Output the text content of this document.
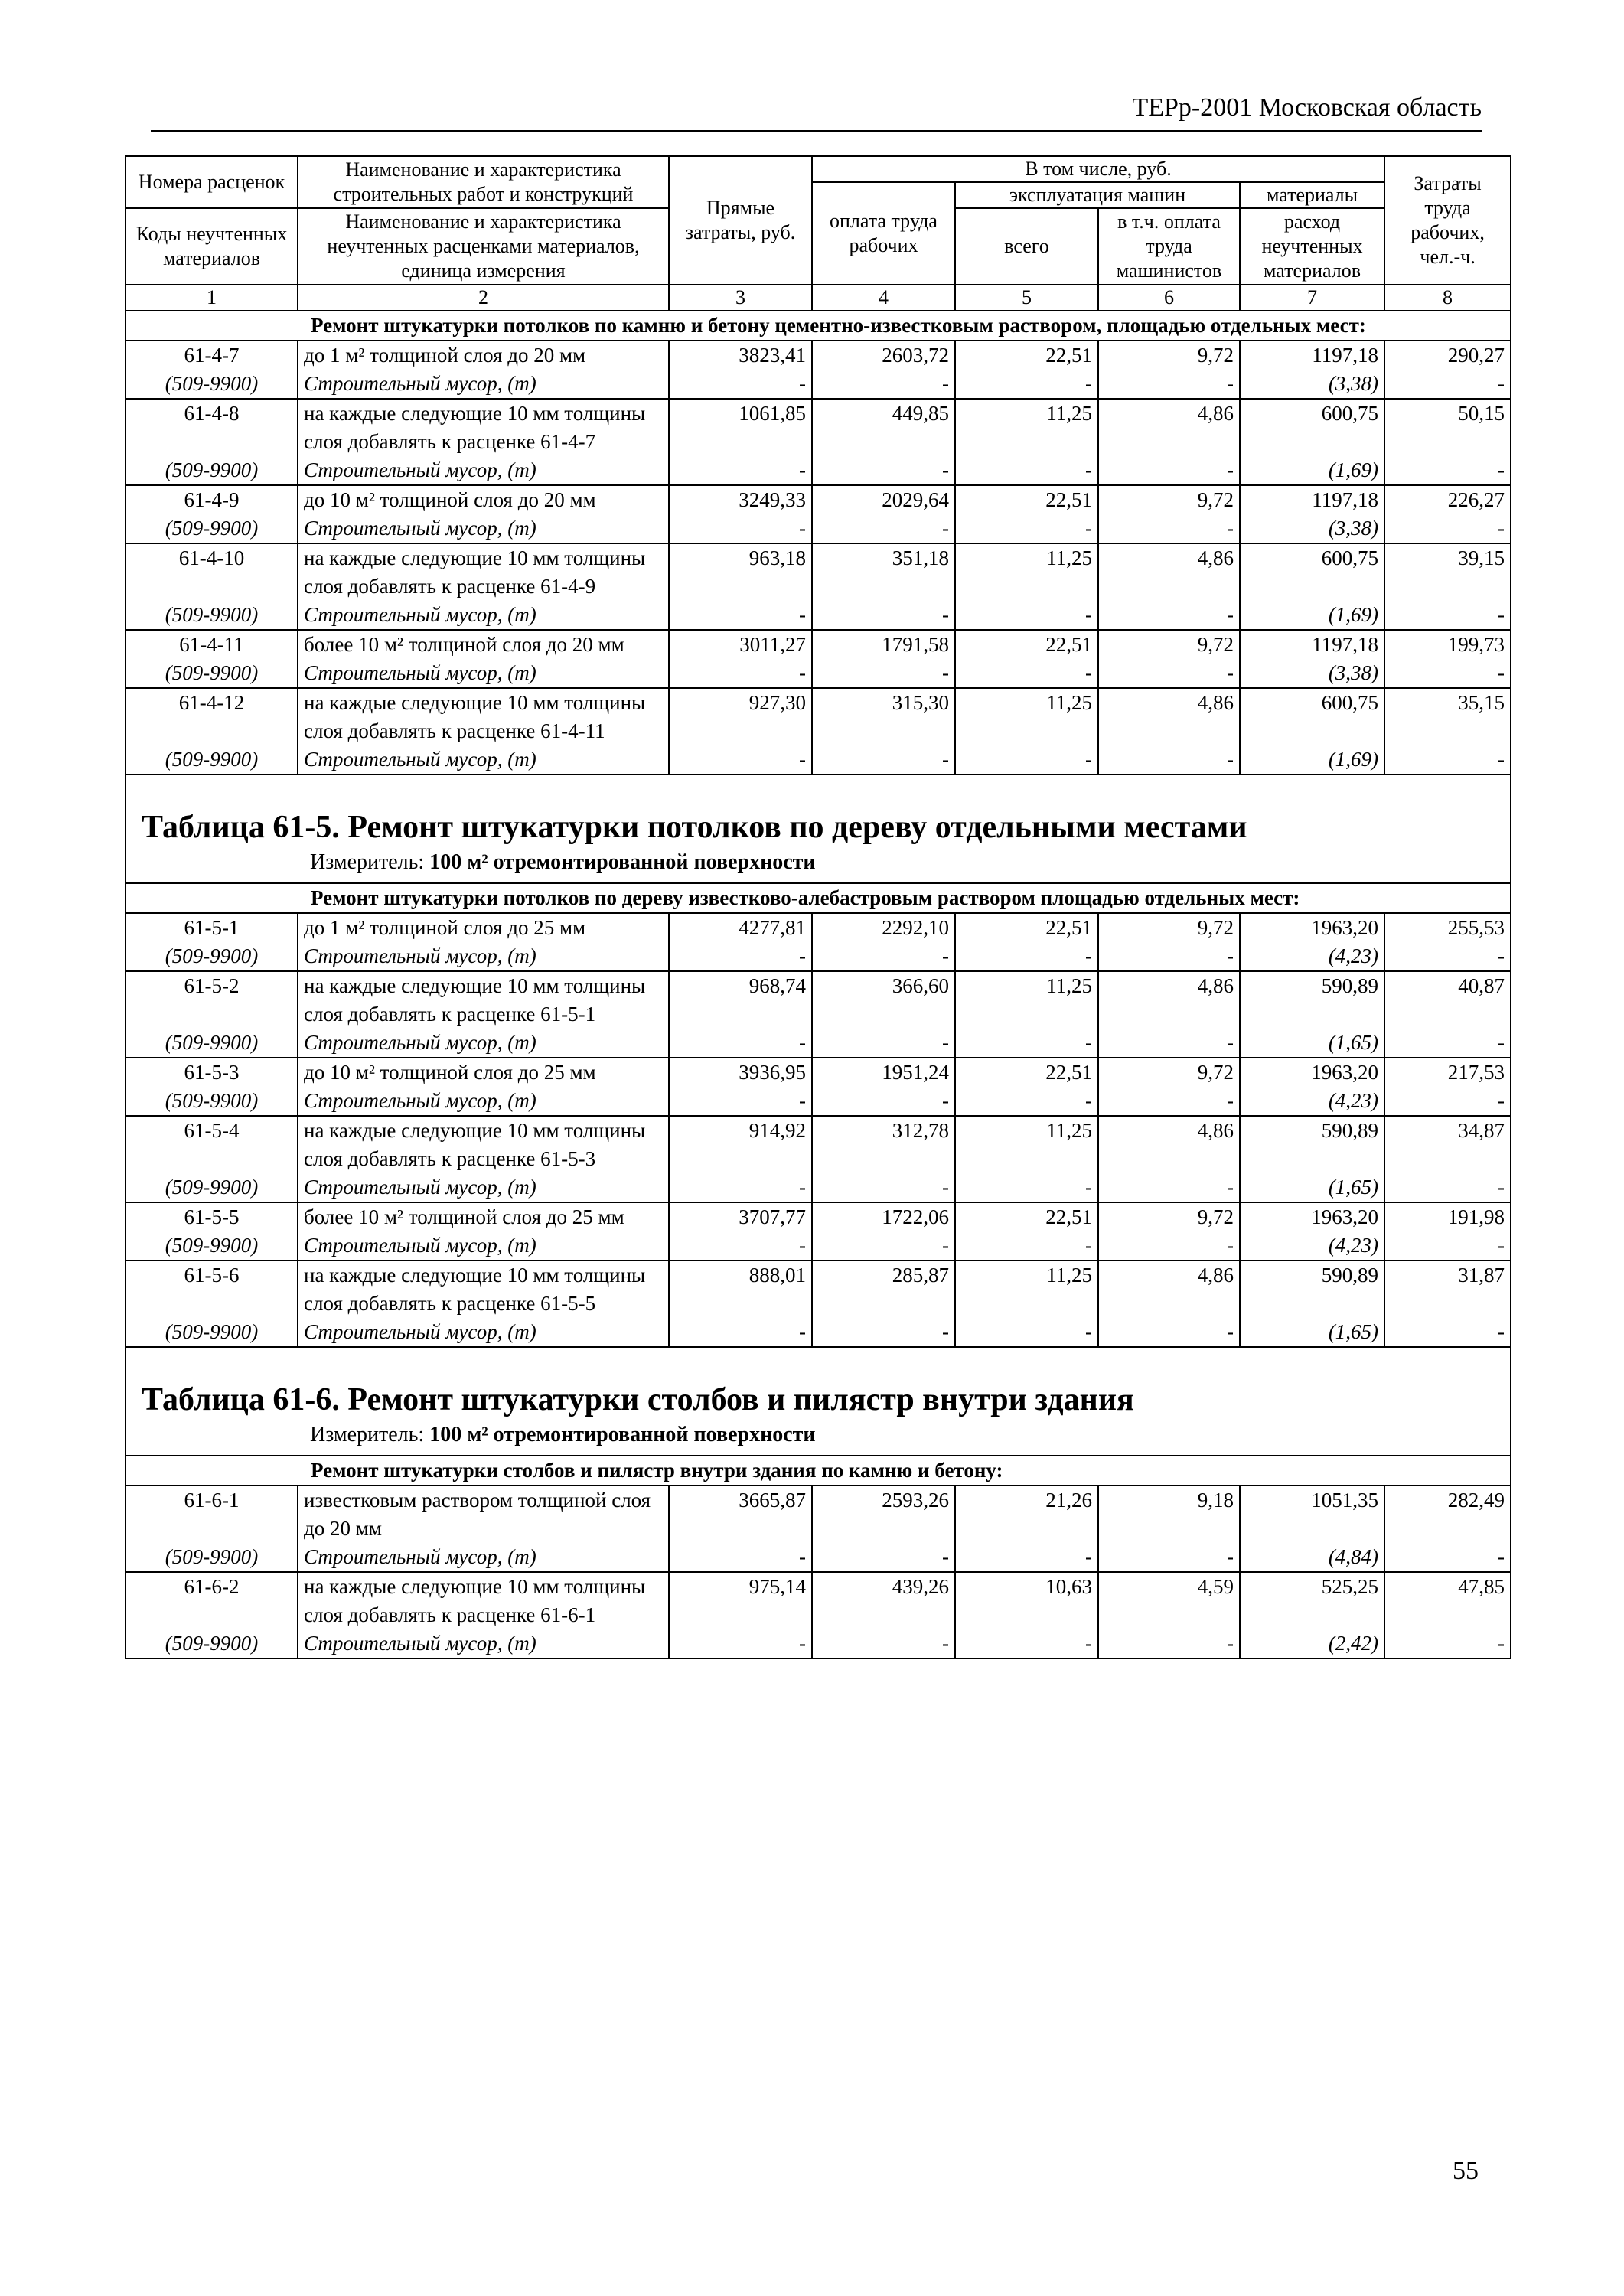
ТЕРр-2001 Московская область
Номера расценок	Наименование и характеристика строительных работ и конструкций	Прямые затраты, руб.	В том числе, руб.				Затраты труда рабочих, чел.-ч.
			оплата труда рабочих	эксплуатация машин		материалы	
Коды неучтенных материалов	Наименование и характеристика неучтенных расценками материалов, единица измерения			всего	в т.ч. оплата труда машинистов	расход неучтенных материалов	

1	2	3	4	5	6	7	8
Ремонт штукатурки потолков по камню и бетону цементно-известковым раствором, площадью отдельных мест:							
61-4-7	до 1 м² толщиной слоя до 20 мм	3823,41	2603,72	22,51	9,72	1197,18	290,27
(509-9900)	Строительный мусор, (т)	-	-	-	-	(3,38)	-
61-4-8	на каждые следующие 10 мм толщины слоя добавлять к расценке 61-4-7	1061,85	449,85	11,25	4,86	600,75	50,15
(509-9900)	Строительный мусор, (т)	-	-	-	-	(1,69)	-
61-4-9	до 10 м² толщиной слоя до 20 мм	3249,33	2029,64	22,51	9,72	1197,18	226,27
(509-9900)	Строительный мусор, (т)	-	-	-	-	(3,38)	-
61-4-10	на каждые следующие 10 мм толщины слоя добавлять к расценке 61-4-9	963,18	351,18	11,25	4,86	600,75	39,15
(509-9900)	Строительный мусор, (т)	-	-	-	-	(1,69)	-
61-4-11	более 10 м² толщиной слоя до 20 мм	3011,27	1791,58	22,51	9,72	1197,18	199,73
(509-9900)	Строительный мусор, (т)	-	-	-	-	(3,38)	-
61-4-12	на каждые следующие 10 мм толщины слоя добавлять к расценке 61-4-11	927,30	315,30	11,25	4,86	600,75	35,15
(509-9900)	Строительный мусор, (т)	-	-	-	-	(1,69)	-

Таблица 61-5. Ремонт штукатурки потолков по дереву отдельными местами
Измеритель: 100 м² отремонтированной поверхности							

Ремонт штукатурки потолков по дереву известково-алебастровым раствором площадью отдельных мест:							
61-5-1	до 1 м² толщиной слоя до 25 мм	4277,81	2292,10	22,51	9,72	1963,20	255,53
(509-9900)	Строительный мусор, (т)	-	-	-	-	(4,23)	-
61-5-2	на каждые следующие 10 мм толщины слоя добавлять к расценке 61-5-1	968,74	366,60	11,25	4,86	590,89	40,87
(509-9900)	Строительный мусор, (т)	-	-	-	-	(1,65)	-
61-5-3	до 10 м² толщиной слоя до 25 мм	3936,95	1951,24	22,51	9,72	1963,20	217,53
(509-9900)	Строительный мусор, (т)	-	-	-	-	(4,23)	-
61-5-4	на каждые следующие 10 мм толщины слоя добавлять к расценке 61-5-3	914,92	312,78	11,25	4,86	590,89	34,87
(509-9900)	Строительный мусор, (т)	-	-	-	-	(1,65)	-
61-5-5	более 10 м² толщиной слоя до 25 мм	3707,77	1722,06	22,51	9,72	1963,20	191,98
(509-9900)	Строительный мусор, (т)	-	-	-	-	(4,23)	-
61-5-6	на каждые следующие 10 мм толщины слоя добавлять к расценке 61-5-5	888,01	285,87	11,25	4,86	590,89	31,87
(509-9900)	Строительный мусор, (т)	-	-	-	-	(1,65)	-

Таблица 61-6. Ремонт штукатурки столбов и пилястр внутри здания
Измеритель: 100 м² отремонтированной поверхности							

Ремонт штукатурки столбов и пилястр внутри здания по камню и бетону:							
61-6-1	известковым раствором толщиной слоя до 20 мм	3665,87	2593,26	21,26	9,18	1051,35	282,49
(509-9900)	Строительный мусор, (т)	-	-	-	-	(4,84)	-
61-6-2	на каждые следующие 10 мм толщины слоя добавлять к расценке 61-6-1	975,14	439,26	10,63	4,59	525,25	47,85
(509-9900)	Строительный мусор, (т)	-	-	-	-	(2,42)	-
55
